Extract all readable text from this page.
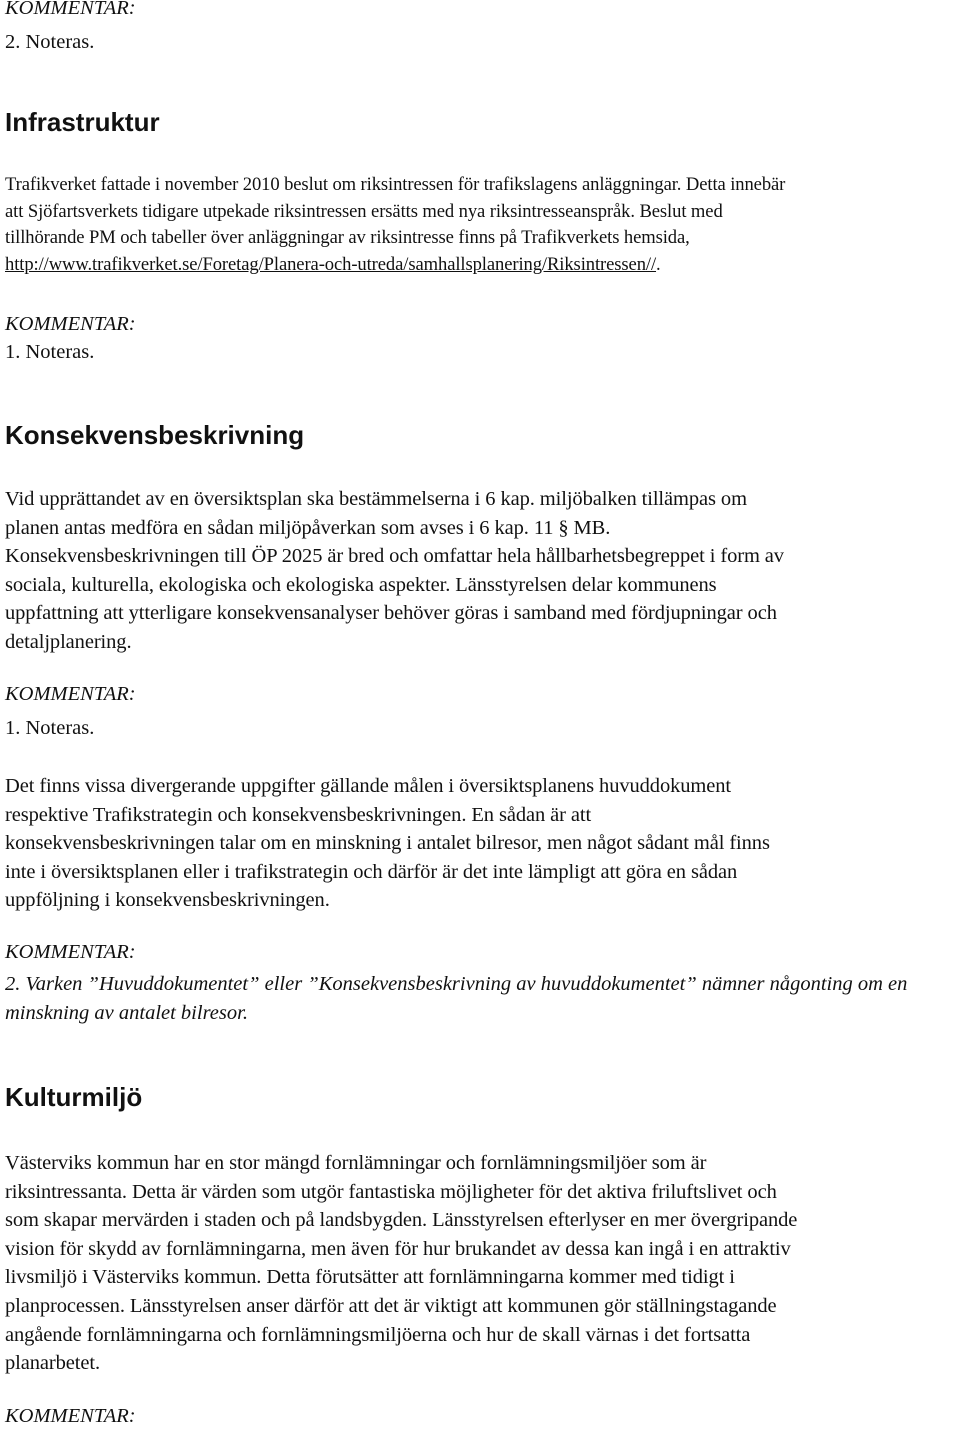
KOMMENTAR:
2. Noteras.
Infrastruktur
Trafikverket fattade i november 2010 beslut om riksintressen för trafikslagens anläggningar. Detta innebär
att Sjöfartsverkets tidigare utpekade riksintressen ersätts med nya riksintresseanspråk. Beslut med
tillhörande PM och tabeller över anläggningar av riksintresse finns på Trafikverkets hemsida,
http://www.trafikverket.se/Foretag/Planera-och-utreda/samhallsplanering/Riksintressen//.
KOMMENTAR:
1. Noteras.
Konsekvensbeskrivning
Vid upprättandet av en översiktsplan ska bestämmelserna i 6 kap. miljöbalken tillämpas om
planen antas medföra en sådan miljöpåverkan som avses i 6 kap. 11 § MB.
Konsekvensbeskrivningen till ÖP 2025 är bred och omfattar hela hållbarhetsbegreppet i form av
sociala, kulturella, ekologiska och ekologiska aspekter. Länsstyrelsen delar kommunens
uppfattning att ytterligare konsekvensanalyser behöver göras i samband med fördjupningar och
detaljplanering.
KOMMENTAR:
1. Noteras.
Det finns vissa divergerande uppgifter gällande målen i översiktsplanens huvuddokument
respektive Trafikstrategin och konsekvensbeskrivningen. En sådan är att
konsekvensbeskrivningen talar om en minskning i antalet bilresor, men något sådant mål finns
inte i översiktsplanen eller i trafikstrategin och därför är det inte lämpligt att göra en sådan
uppföljning i konsekvensbeskrivningen.
KOMMENTAR:
2. Varken ”Huvuddokumentet” eller ”Konsekvensbeskrivning av huvuddokumentet” nämner någonting om en
minskning av antalet bilresor.
Kulturmiljö
Västerviks kommun har en stor mängd fornlämningar och fornlämningsmiljöer som är
riksintressanta. Detta är värden som utgör fantastiska möjligheter för det aktiva friluftslivet och
som skapar mervärden i staden och på landsbygden. Länsstyrelsen efterlyser en mer övergripande
vision för skydd av fornlämningarna, men även för hur brukandet av dessa kan ingå i en attraktiv
livsmiljö i Västerviks kommun. Detta förutsätter att fornlämningarna kommer med tidigt i
planprocessen. Länsstyrelsen anser därför att det är viktigt att kommunen gör ställningstagande
angående fornlämningarna och fornlämningsmiljöerna och hur de skall värnas i det fortsatta
planarbetet.
KOMMENTAR:
